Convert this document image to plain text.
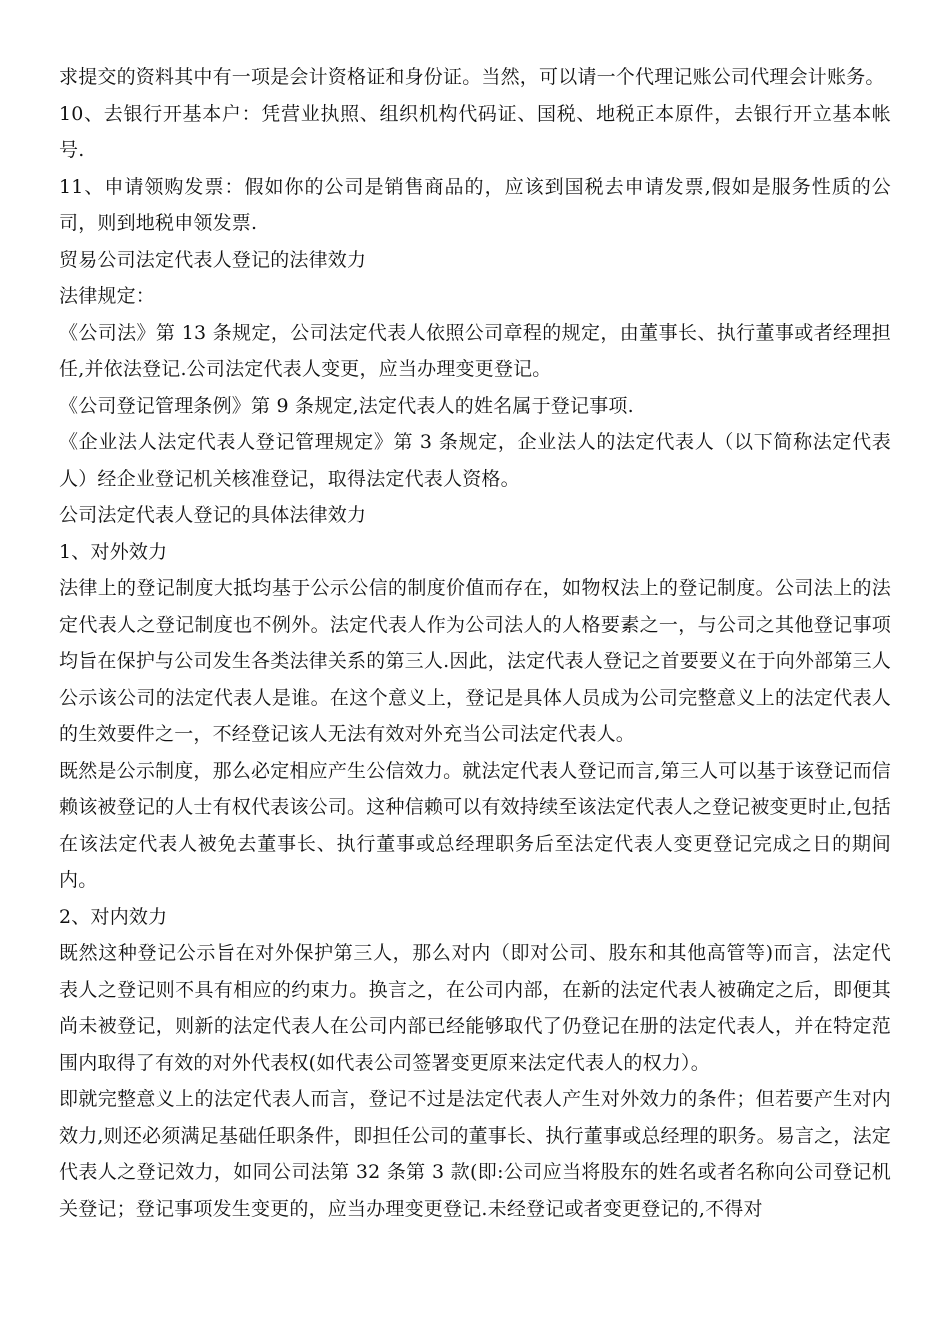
求提交的资料其中有一项是会计资格证和身份证。当然，可以请一个代理记账公司代理会计账务。

10、去银行开基本户：凭营业执照、组织机构代码证、国税、地税正本原件，去银行开立基本帐号.

11、申请领购发票：假如你的公司是销售商品的，应该到国税去申请发票,假如是服务性质的公司，则到地税申领发票.

贸易公司法定代表人登记的法律效力

法律规定：

《公司法》第 13 条规定，公司法定代表人依照公司章程的规定，由董事长、执行董事或者经理担任,并依法登记.公司法定代表人变更，应当办理变更登记。

《公司登记管理条例》第 9 条规定,法定代表人的姓名属于登记事项.

《企业法人法定代表人登记管理规定》第 3 条规定，企业法人的法定代表人（以下简称法定代表人）经企业登记机关核准登记，取得法定代表人资格。

公司法定代表人登记的具体法律效力

1、对外效力

法律上的登记制度大抵均基于公示公信的制度价值而存在，如物权法上的登记制度。公司法上的法定代表人之登记制度也不例外。法定代表人作为公司法人的人格要素之一，与公司之其他登记事项均旨在保护与公司发生各类法律关系的第三人.因此，法定代表人登记之首要要义在于向外部第三人公示该公司的法定代表人是谁。在这个意义上，登记是具体人员成为公司完整意义上的法定代表人的生效要件之一，不经登记该人无法有效对外充当公司法定代表人。

既然是公示制度，那么必定相应产生公信效力。就法定代表人登记而言,第三人可以基于该登记而信赖该被登记的人士有权代表该公司。这种信赖可以有效持续至该法定代表人之登记被变更时止,包括在该法定代表人被免去董事长、执行董事或总经理职务后至法定代表人变更登记完成之日的期间内。

2、对内效力

既然这种登记公示旨在对外保护第三人，那么对内（即对公司、股东和其他高管等)而言，法定代表人之登记则不具有相应的约束力。换言之，在公司内部，在新的法定代表人被确定之后，即便其尚未被登记，则新的法定代表人在公司内部已经能够取代了仍登记在册的法定代表人，并在特定范围内取得了有效的对外代表权(如代表公司签署变更原来法定代表人的权力）。

即就完整意义上的法定代表人而言，登记不过是法定代表人产生对外效力的条件；但若要产生对内效力,则还必须满足基础任职条件，即担任公司的董事长、执行董事或总经理的职务。易言之，法定代表人之登记效力，如同公司法第 32 条第 3 款(即:公司应当将股东的姓名或者名称向公司登记机关登记；登记事项发生变更的，应当办理变更登记.未经登记或者变更登记的,不得对
